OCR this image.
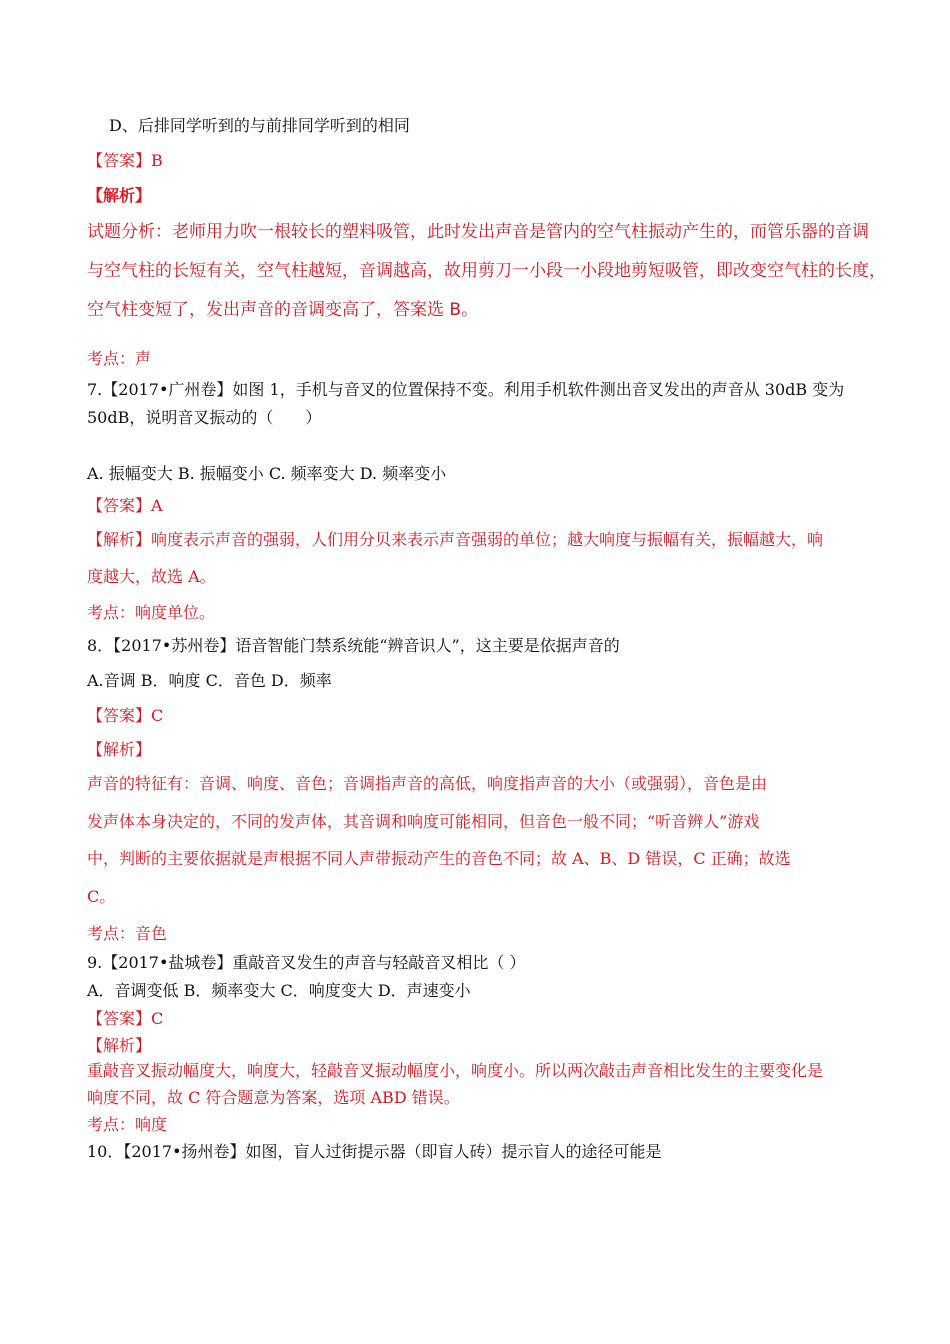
D、后排同学听到的与前排同学听到的相同
【答案】B
【解析】
试题分析：老师用力吹一根较长的塑料吸管，此时发出声音是管内的空气柱振动产生的，而管乐器的音调
与空气柱的长短有关，空气柱越短，音调越高，故用剪刀一小段一小段地剪短吸管，即改变空气柱的长度，
空气柱变短了，发出声音的音调变高了，答案选 B。
考点：声
7.【2017•广州卷】如图 1，手机与音叉的位置保持不变。利用手机软件测出音叉发出的声音从 30dB 变为
50dB，说明音叉振动的（　　）
A. 振幅变大 B. 振幅变小 C. 频率变大 D. 频率变小
【答案】A
【解析】响度表示声音的强弱，人们用分贝来表示声音强弱的单位；越大响度与振幅有关，振幅越大，响
度越大，故选 A。
考点：响度单位。
8．【2017•苏州卷】语音智能门禁系统能“辨音识人”，这主要是依据声音的
A.音调 B．响度 C．音色 D．频率
【答案】C
【解析】
声音的特征有：音调、响度、音色；音调指声音的高低，响度指声音的大小（或强弱），音色是由
发声体本身决定的，不同的发声体，其音调和响度可能相同，但音色一般不同；“听音辨人”游戏
中，判断的主要依据就是声根据不同人声带振动产生的音色不同；故 A、B、D 错误，C 正确；故选
C。
考点：音色
9.【2017•盐城卷】重敲音叉发生的声音与轻敲音叉相比（ ）
A．音调变低 B．频率变大 C．响度变大 D．声速变小
【答案】C
【解析】
重敲音叉振动幅度大，响度大，轻敲音叉振动幅度小，响度小。所以两次敲击声音相比发生的主要变化是
响度不同，故 C 符合题意为答案，选项 ABD 错误。
考点：响度
10．【2017•扬州卷】如图，盲人过街提示器（即盲人砖）提示盲人的途径可能是
